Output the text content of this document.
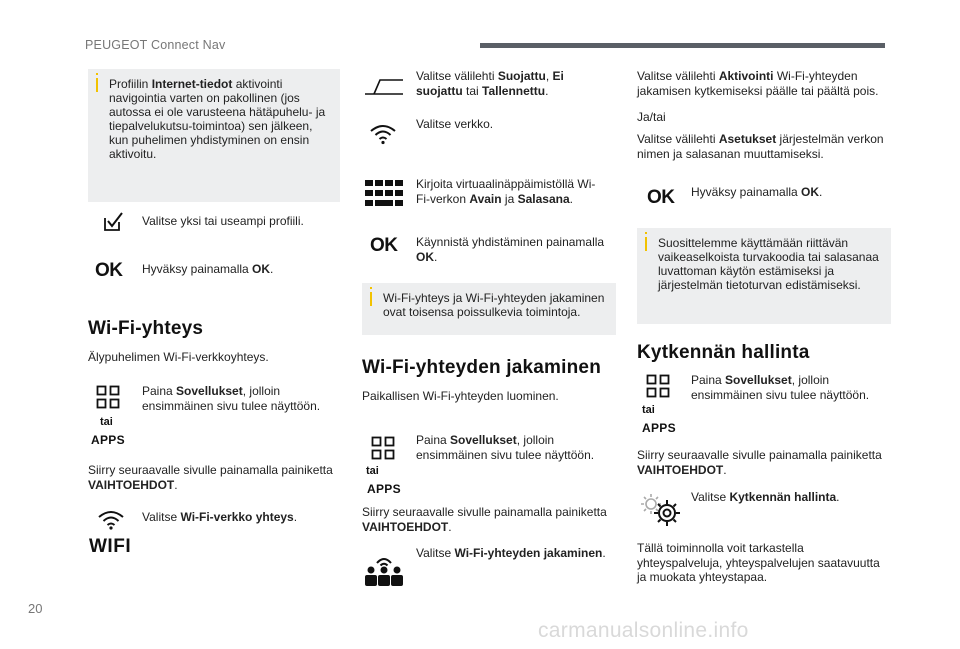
PEUGEOT Connect Nav
Profiilin Internet-tiedot aktivointi navigointia varten on pakollinen (jos autossa ei ole varusteena hätäpuhelu- ja tiepalvelukutsu-toimintoa) sen jälkeen, kun puhelimen yhdistyminen on ensin aktivoitu.
Valitse yksi tai useampi profiili.
OK Hyväksy painamalla OK.
Wi-Fi-yhteys
Älypuhelimen Wi-Fi-verkkoyhteys.
tai
APPS
Paina Sovellukset, jolloin ensimmäinen sivu tulee näyttöön.
Siirry seuraavalle sivulle painamalla painiketta VAIHTOEHDOT.
WIFI
Valitse Wi-Fi-verkko yhteys.
Valitse välilehti Suojattu, Ei suojattu tai Tallennettu.
Valitse verkko.
Kirjoita virtuaalinäppäimistöllä Wi-Fi-verkon Avain ja Salasana.
OK Käynnistä yhdistäminen painamalla OK.
Wi-Fi-yhteys ja Wi-Fi-yhteyden jakaminen ovat toisensa poissulkevia toimintoja.
Wi-Fi-yhteyden jakaminen
Paikallisen Wi-Fi-yhteyden luominen.
tai
APPS
Paina Sovellukset, jolloin ensimmäinen sivu tulee näyttöön.
Siirry seuraavalle sivulle painamalla painiketta VAIHTOEHDOT.
Valitse Wi-Fi-yhteyden jakaminen.
Valitse välilehti Aktivointi Wi-Fi-yhteyden jakamisen kytkemiseksi päälle tai päältä pois.
Ja/tai
Valitse välilehti Asetukset järjestelmän verkon nimen ja salasanan muuttamiseksi.
OK Hyväksy painamalla OK.
Suosittelemme käyttämään riittävän vaikeaselkoista turvakoodia tai salasanaa luvattoman käytön estämiseksi ja järjestelmän tietoturvan edistämiseksi.
Kytkennän hallinta
tai
APPS
Paina Sovellukset, jolloin ensimmäinen sivu tulee näyttöön.
Siirry seuraavalle sivulle painamalla painiketta VAIHTOEHDOT.
Valitse Kytkennän hallinta.
Tällä toiminnolla voit tarkastella yhteyspalveluja, yhteyspalvelujen saatavuutta ja muokata yhteystapaa.
20
carmanualsonline.info
